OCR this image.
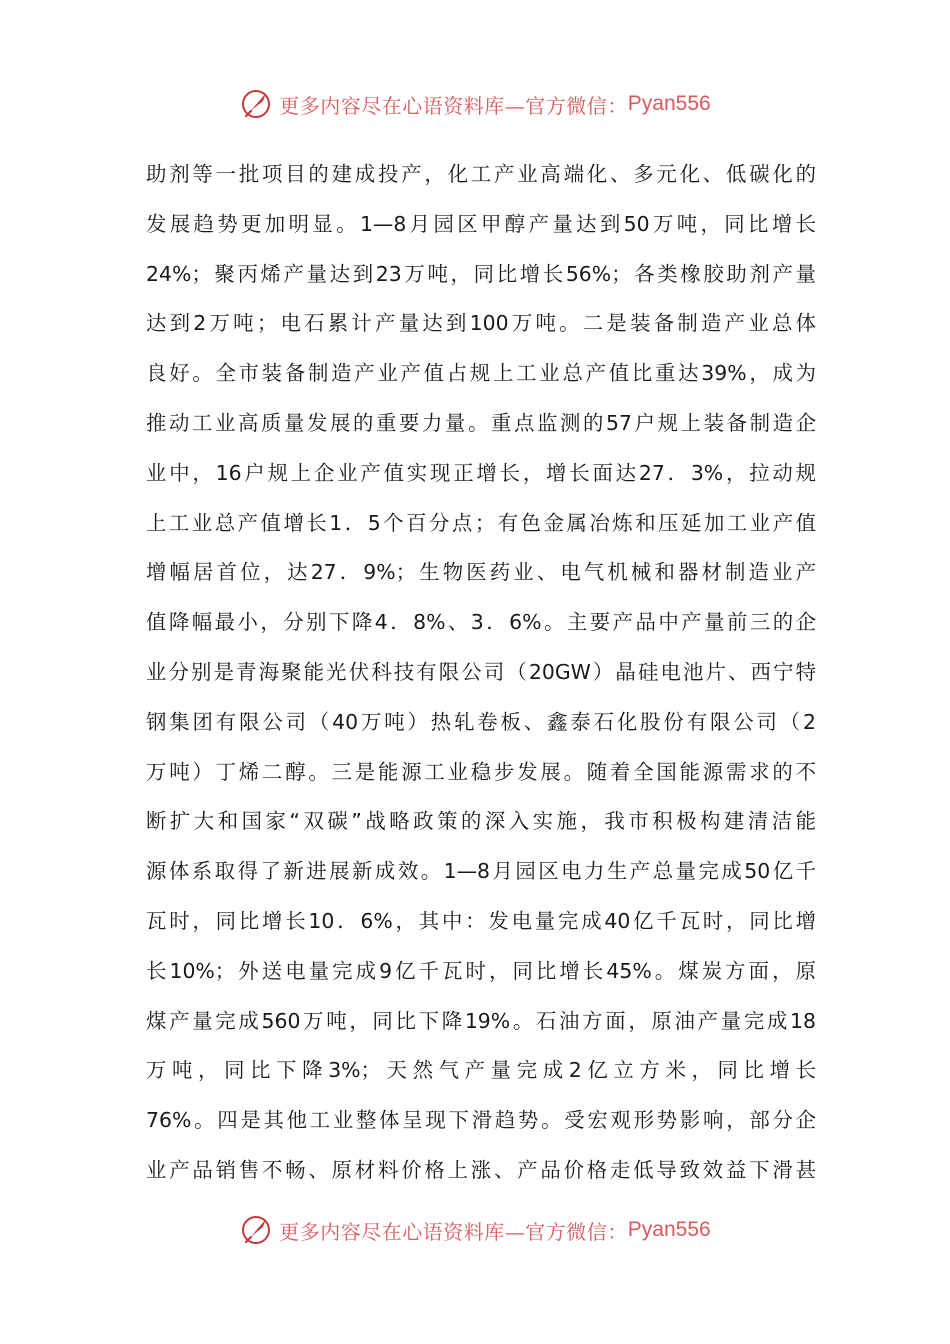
更多内容尽在心语资料库—官方微信： Pyan556
助剂等一批项目的建成投产，化工产业高端化、多元化、低碳化的
发展趋势更加明显。1—8月园区甲醇产量达到50万吨，同比增长
24%；聚丙烯产量达到23万吨，同比增长56%；各类橡胶助剂产量
达到2万吨；电石累计产量达到100万吨。二是装备制造产业总体
良好。全市装备制造产业产值占规上工业总产值比重达39%，成为
推动工业高质量发展的重要力量。重点监测的57户规上装备制造企
业中，16户规上企业产值实现正增长，增长面达27．3%，拉动规
上工业总产值增长1．5个百分点；有色金属冶炼和压延加工业产值
增幅居首位，达27．9%；生物医药业、电气机械和器材制造业产
值降幅最小，分别下降4．8%、3．6%。主要产品中产量前三的企
业分别是青海聚能光伏科技有限公司（20GW）晶硅电池片、西宁特
钢集团有限公司（40万吨）热轧卷板、鑫泰石化股份有限公司（2
万吨）丁烯二醇。三是能源工业稳步发展。随着全国能源需求的不
断扩大和国家“双碳”战略政策的深入实施，我市积极构建清洁能
源体系取得了新进展新成效。1—8月园区电力生产总量完成50亿千
瓦时，同比增长10．6%，其中：发电量完成40亿千瓦时，同比增
长10%；外送电量完成9亿千瓦时，同比增长45%。煤炭方面，原
煤产量完成560万吨，同比下降19%。石油方面，原油产量完成18
万吨，同比下降3%；天然气产量完成2亿立方米，同比增长
76%。四是其他工业整体呈现下滑趋势。受宏观形势影响，部分企
业产品销售不畅、原材料价格上涨、产品价格走低导致效益下滑甚
更多内容尽在心语资料库—官方微信： Pyan556
